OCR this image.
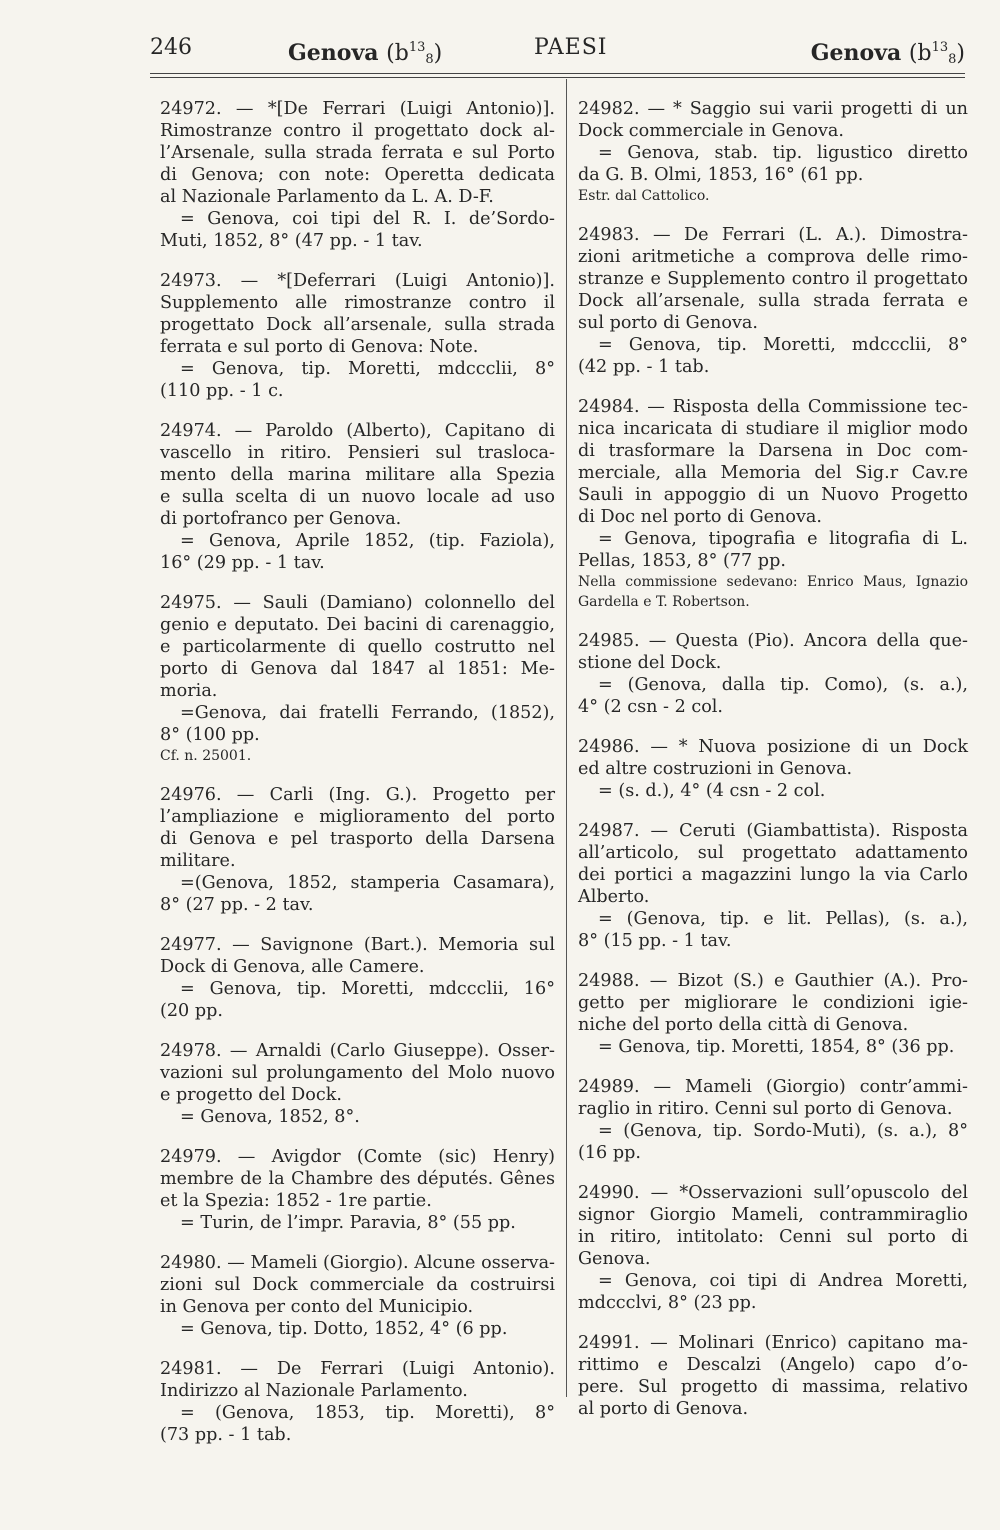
246	Genova $(b^{13}_8)$	PAESI	Genova $(b^{13}_8)$

24972. — *[De Ferrari (Luigi Antonio)].
Rimostranze contro il progettato dock al-
l’Arsenale, sulla strada ferrata e sul Porto
di Genova; con note: Operetta dedicata
al Nazionale Parlamento da L. A. D-F.
= Genova, coi tipi del R. I. de’Sordo-
Muti, 1852, 8° (47 pp. - 1 tav.

24973. — *[Deferrari (Luigi Antonio)].
Supplemento alle rimostranze contro il
progettato Dock all’arsenale, sulla strada
ferrata e sul porto di Genova: Note.
= Genova, tip. Moretti, mdccclii, 8°
(110 pp. - 1 c.

24974. — Paroldo (Alberto), Capitano di
vascello in ritiro. Pensieri sul trasloca-
mento della marina militare alla Spezia
e sulla scelta di un nuovo locale ad uso
di portofranco per Genova.
= Genova, Aprile 1852, (tip. Faziola),
16° (29 pp. - 1 tav.

24975. — Sauli (Damiano) colonnello del
genio e deputato. Dei bacini di carenaggio,
e particolarmente di quello costrutto nel
porto di Genova dal 1847 al 1851: Me-
moria.
=Genova, dai fratelli Ferrando, (1852),
8° (100 pp.

Cf. n. 25001.

24976. — Carli (Ing. G.). Progetto per
l’ampliazione e miglioramento del porto
di Genova e pel trasporto della Darsena
militare.
=(Genova, 1852, stamperia Casamara),
8° (27 pp. - 2 tav.

24977. — Savignone (Bart.). Memoria sul
Dock di Genova, alle Camere.
= Genova, tip. Moretti, mdccclii, 16°
(20 pp.

24978. — Arnaldi (Carlo Giuseppe). Osser-
vazioni sul prolungamento del Molo nuovo
e progetto del Dock.
= Genova, 1852, 8°.

24979. — Avigdor (Comte (sic) Henry)
membre de la Chambre des députés. Gênes
et la Spezia: 1852 - 1re partie.
= Turin, de l’impr. Paravia, 8° (55 pp.

24980. — Mameli (Giorgio). Alcune osserva-
zioni sul Dock commerciale da costruirsi
in Genova per conto del Municipio.
= Genova, tip. Dotto, 1852, 4° (6 pp.

24981. — De Ferrari (Luigi Antonio).
Indirizzo al Nazionale Parlamento.
= (Genova, 1853, tip. Moretti), 8°
(73 pp. - 1 tab.

24982. — * Saggio sui varii progetti di un
Dock commerciale in Genova.
= Genova, stab. tip. ligustico diretto
da G. B. Olmi, 1853, 16° (61 pp.

Estr. dal Cattolico.

24983. — De Ferrari (L. A.). Dimostra-
zioni aritmetiche a comprova delle rimo-
stranze e Supplemento contro il progettato
Dock all’arsenale, sulla strada ferrata e
sul porto di Genova.
= Genova, tip. Moretti, mdccclii, 8°
(42 pp. - 1 tab.

24984. — Risposta della Commissione tec-
nica incaricata di studiare il miglior modo
di trasformare la Darsena in Doc com-
merciale, alla Memoria del Sig.r Cav.re
Sauli in appoggio di un Nuovo Progetto
di Doc nel porto di Genova.
= Genova, tipografia e litografia di L.
Pellas, 1853, 8° (77 pp.

Nella commissione sedevano: Enrico Maus, Ignazio Gardella e T. Robertson.

24985. — Questa (Pio). Ancora della que-
stione del Dock.
= (Genova, dalla tip. Como), (s. a.),
4° (2 csn - 2 col.

24986. — * Nuova posizione di un Dock
ed altre costruzioni in Genova.
= (s. d.), 4° (4 csn - 2 col.

24987. — Ceruti (Giambattista). Risposta
all’articolo, sul progettato adattamento
dei portici a magazzini lungo la via Carlo
Alberto.
= (Genova, tip. e lit. Pellas), (s. a.),
8° (15 pp. - 1 tav.

24988. — Bizot (S.) e Gauthier (A.). Pro-
getto per migliorare le condizioni igie-
niche del porto della città di Genova.
= Genova, tip. Moretti, 1854, 8° (36 pp.

24989. — Mameli (Giorgio) contr’ammi-
raglio in ritiro. Cenni sul porto di Genova.
= (Genova, tip. Sordo-Muti), (s. a.), 8°
(16 pp.

24990. — *Osservazioni sull’opuscolo del
signor Giorgio Mameli, contrammiraglio
in ritiro, intitolato: Cenni sul porto di
Genova.
= Genova, coi tipi di Andrea Moretti,
mdccclvi, 8° (23 pp.

24991. — Molinari (Enrico) capitano ma-
rittimo e Descalzi (Angelo) capo d’o-
pere. Sul progetto di massima, relativo
al porto di Genova.
